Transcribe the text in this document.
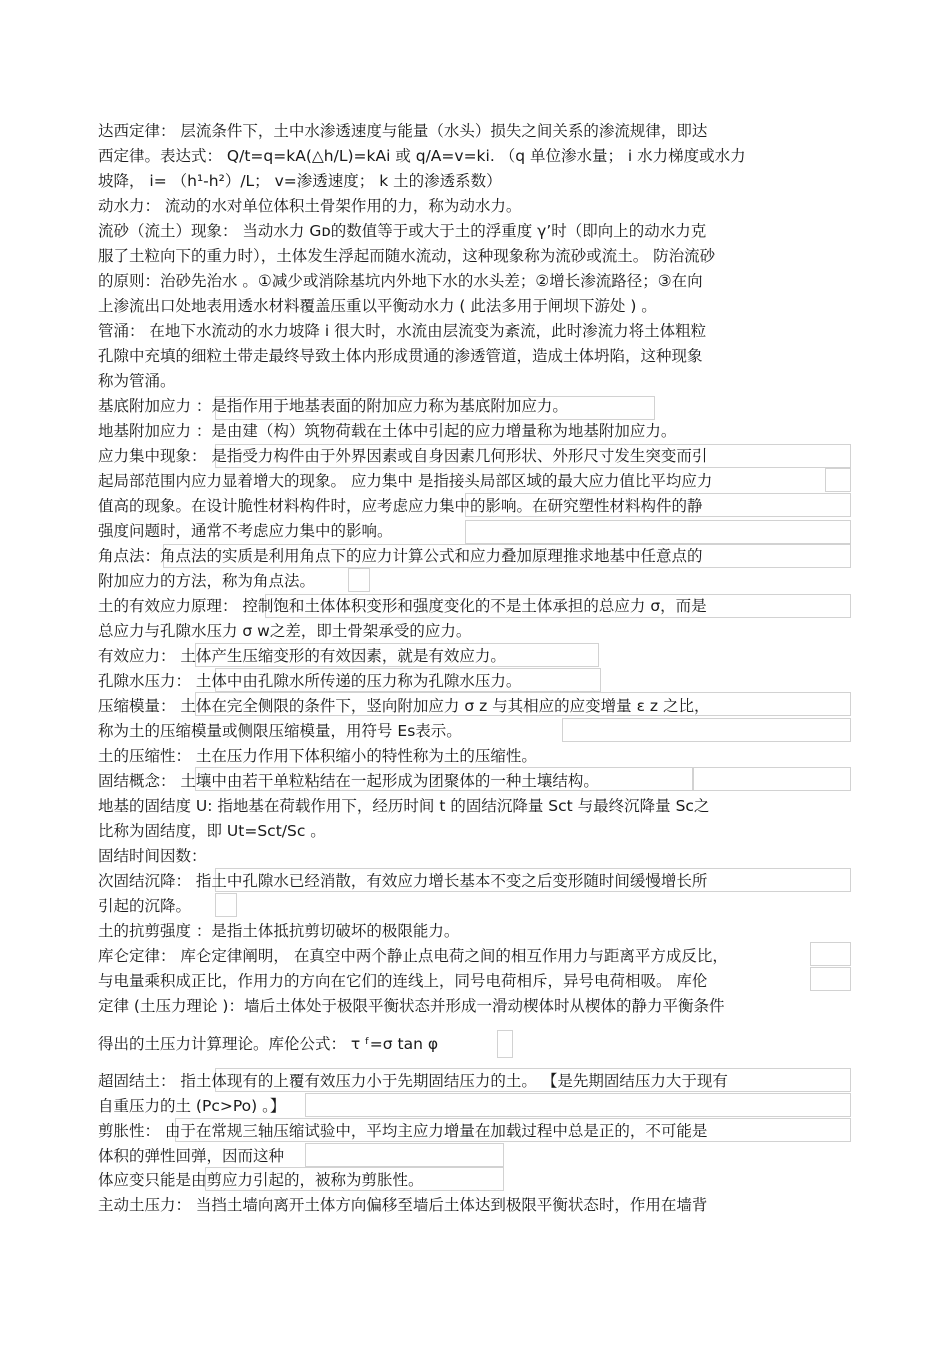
达西定律： 层流条件下，土中水渗透速度与能量（水头）损失之间关系的渗流规律，即达
西定律。表达式： Q/t=q=kA(△h/L)=kAi 或 q/A=v=ki. （q 单位渗水量； i 水力梯度或水力
坡降， i= （h¹-h²）/L； v=渗透速度； k 土的渗透系数）
动水力： 流动的水对单位体积土骨架作用的力，称为动水力。
流砂（流土）现象： 当动水力 Gᴅ的数值等于或大于土的浮重度 γ’时（即向上的动水力克
服了土粒向下的重力时），土体发生浮起而随水流动，这种现象称为流砂或流土。 防治流砂
的原则：治砂先治水 。①减少或消除基坑内外地下水的水头差；②增长渗流路径；③在向
上渗流出口处地表用透水材料覆盖压重以平衡动水力 ( 此法多用于闸坝下游处 ) 。
管涌： 在地下水流动的水力坡降 i 很大时，水流由层流变为紊流，此时渗流力将土体粗粒
孔隙中充填的细粒土带走最终导致土体内形成贯通的渗透管道，造成土体坍陷，这种现象
称为管涌。
基底附加应力 ：是指作用于地基表面的附加应力称为基底附加应力。
地基附加应力 ：是由建（构）筑物荷载在土体中引起的应力增量称为地基附加应力。
应力集中现象： 是指受力构件由于外界因素或自身因素几何形状、外形尺寸发生突变而引
起局部范围内应力显着增大的现象。 应力集中 是指接头局部区域的最大应力值比平均应力
值高的现象。在设计脆性材料构件时，应考虑应力集中的影响。在研究塑性材料构件的静
强度问题时，通常不考虑应力集中的影响。
角点法：角点法的实质是利用角点下的应力计算公式和应力叠加原理推求地基中任意点的
附加应力的方法，称为角点法。
土的有效应力原理： 控制饱和土体体积变形和强度变化的不是土体承担的总应力 σ，而是
总应力与孔隙水压力 σ w之差，即土骨架承受的应力。
有效应力： 土体产生压缩变形的有效因素，就是有效应力。
孔隙水压力： 土体中由孔隙水所传递的压力称为孔隙水压力。
压缩模量： 土体在完全侧限的条件下，竖向附加应力 σ z 与其相应的应变增量 ε z 之比，
称为土的压缩模量或侧限压缩模量，用符号 Es表示。
土的压缩性： 土在压力作用下体积缩小的特性称为土的压缩性。
固结概念： 土壤中由若干单粒粘结在一起形成为团聚体的一种土壤结构。
地基的固结度 U: 指地基在荷载作用下，经历时间 t 的固结沉降量 Sct 与最终沉降量 Sc之
比称为固结度，即 Ut=Sct/Sc 。
固结时间因数：
次固结沉降： 指土中孔隙水已经消散，有效应力增长基本不变之后变形随时间缓慢增长所
引起的沉降。
土的抗剪强度 ：是指土体抵抗剪切破坏的极限能力。
库仑定律： 库仑定律阐明， 在真空中两个静止点电荷之间的相互作用力与距离平方成反比，
与电量乘积成正比，作用力的方向在它们的连线上，同号电荷相斥，异号电荷相吸。 库伦
定律 (土压力理论 )：墙后土体处于极限平衡状态并形成一滑动楔体时从楔体的静力平衡条件
得出的土压力计算理论。库伦公式： τ ᶠ=σ tan φ
超固结土： 指土体现有的上覆有效压力小于先期固结压力的土。 【是先期固结压力大于现有
自重压力的土 (Pc>Po) 。】
剪胀性： 由于在常规三轴压缩试验中，平均主应力增量在加载过程中总是正的，不可能是
体积的弹性回弹，因而这种
体应变只能是由剪应力引起的，被称为剪胀性。
主动土压力： 当挡土墙向离开土体方向偏移至墙后土体达到极限平衡状态时，作用在墙背
